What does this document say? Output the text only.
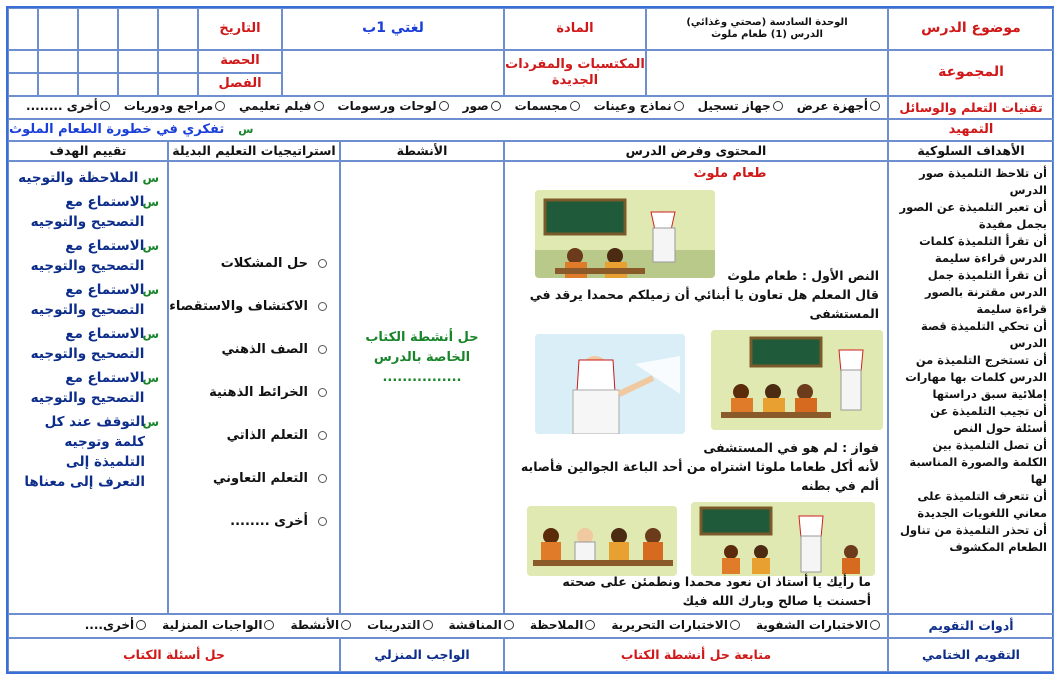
موضوع الدرس
الوحدة السادسة (صحتي وغذائي)
الدرس (1) طعام ملوث
المادة
لغتي 1ب
التاريخ
المجموعة
المكتسبات والمفردات الجديدة
الحصة
الفصل
تقنيات التعلم والوسائل
أجهزة عرض
جهاز تسجيل
نماذج وعينات
مجسمات
صور
لوحات ورسومات
فيلم تعليمي
مراجع ودوريات
أخرى ........
التمهيد
س
تفكري في خطورة الطعام الملوث
الأهداف السلوكية
المحتوى وفرض الدرس
الأنشطة
استراتيجيات التعليم البديلة
تقييم الهدف
أن تلاحظ التلميذة صور الدرس
أن تعبر التلميذة عن الصور بجمل مفيدة
أن تقرأ التلميذة كلمات الدرس قراءة سليمة
أن تقرأ التلميذة جمل الدرس مقترنة بالصور قراءة سليمة
أن تحكي التلميذة قصة الدرس
أن تستخرج التلميذة من الدرس كلمات بها مهارات إملائية سبق دراستها
أن تجيب التلميذة عن أسئلة حول النص
أن تصل التلميذة بين الكلمة والصورة المناسبة لها
أن تتعرف التلميذة على معاني اللغويات الجديدة
أن تحذر التلميذة من تناول الطعام المكشوف
طعام ملوث
النص الأول : طعام ملوث
قال المعلم هل تعاون يا أبنائي أن زميلكم محمدا يرقد في
المستشفى
فواز : لم هو في المستشفى
لأنه أكل طعاما ملوثا اشتراه من أحد الباعة الجوالين فأصابه
ألم في بطنه
ما رأيك يا أستاذ ان نعود محمدا ونطمئن على صحته
أحسنت يا صالح وبارك الله فيك
حل أنشطة الكتاب
الخاصة بالدرس
................
حل المشكلات
الاكتشاف والاستقصاء
الصف الذهني
الخرائط الذهنية
التعلم الذاتي
التعلم التعاوني
أخرى ........
س
الملاحظة والتوجيه
س
الاستماع مع التصحيح والتوجيه
س
الاستماع مع التصحيح والتوجيه
س
الاستماع مع التصحيح والتوجيه
س
الاستماع مع التصحيح والتوجيه
س
الاستماع مع التصحيح والتوجيه
س
التوقف عند كل كلمة وتوجيه التلميذة إلى التعرف إلى معناها
أدوات التقويم
الاختبارات الشفوية
الاختبارات التحريرية
الملاحظة
المناقشة
التدريبات
الأنشطة
الواجبات المنزلية
أخرى....
التقويم الختامي
متابعة حل أنشطة الكتاب
الواجب المنزلي
حل أسئلة الكتاب
